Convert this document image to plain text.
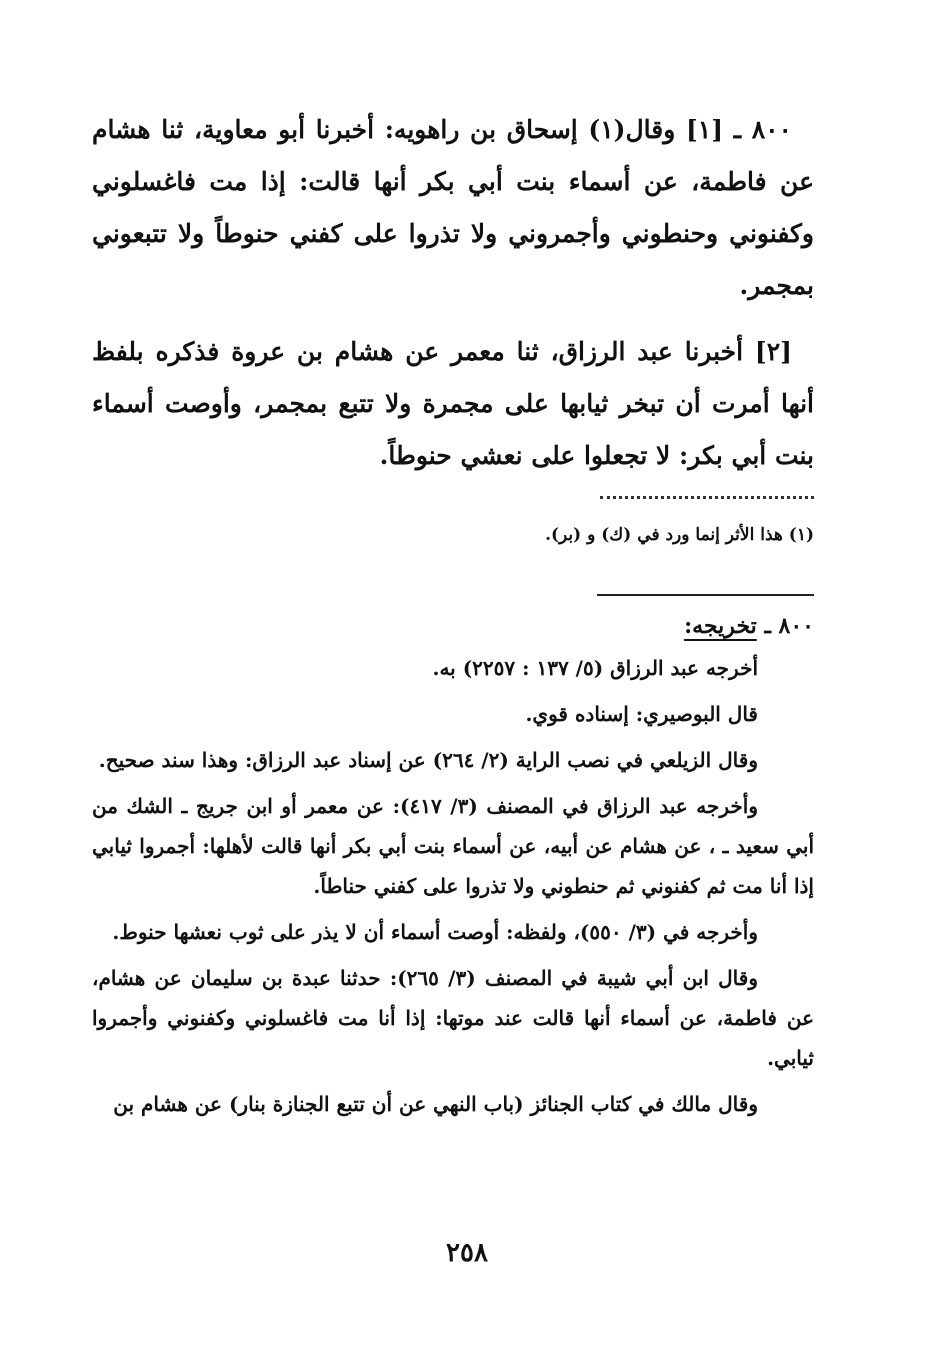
٨٠٠ ـ [١] وقال(١) إسحاق بن راهويه: أخبرنا أبو معاوية، ثنا هشام عن فاطمة، عن أسماء بنت أبي بكر أنها قالت: إذا مت فاغسلوني وكفنوني وحنطوني وأجمروني ولا تذروا على كفني حنوطاً ولا تتبعوني بمجمر.

[٢] أخبرنا عبد الرزاق، ثنا معمر عن هشام بن عروة فذكره بلفظ أنها أمرت أن تبخر ثيابها على مجمرة ولا تتبع بمجمر، وأوصت أسماء بنت أبي بكر: لا تجعلوا على نعشي حنوطاً.

(١) هذا الأثر إنما ورد في (ك) و (بر).
٨٠٠ ـ تخريجه:

أخرجه عبد الرزاق (٥/ ١٣٧ : ٢٢٥٧) به.

قال البوصيري: إسناده قوي.

وقال الزيلعي في نصب الراية (٢/ ٢٦٤) عن إسناد عبد الرزاق: وهذا سند صحيح.

وأخرجه عبد الرزاق في المصنف (٣/ ٤١٧): عن معمر أو ابن جريج ـ الشك من أبي سعيد ـ ، عن هشام عن أبيه، عن أسماء بنت أبي بكر أنها قالت لأهلها: أجمروا ثيابي إذا أنا مت ثم كفنوني ثم حنطوني ولا تذروا على كفني حناطاً.

وأخرجه في (٣/ ٥٥٠)، ولفظه: أوصت أسماء أن لا يذر على ثوب نعشها حنوط.

وقال ابن أبي شيبة في المصنف (٣/ ٢٦٥): حدثنا عبدة بن سليمان عن هشام، عن فاطمة، عن أسماء أنها قالت عند موتها: إذا أنا مت فاغسلوني وكفنوني وأجمروا ثيابي.

وقال مالك في كتاب الجنائز (باب النهي عن أن تتبع الجنازة بنار) عن هشام بن

٢٥٨
